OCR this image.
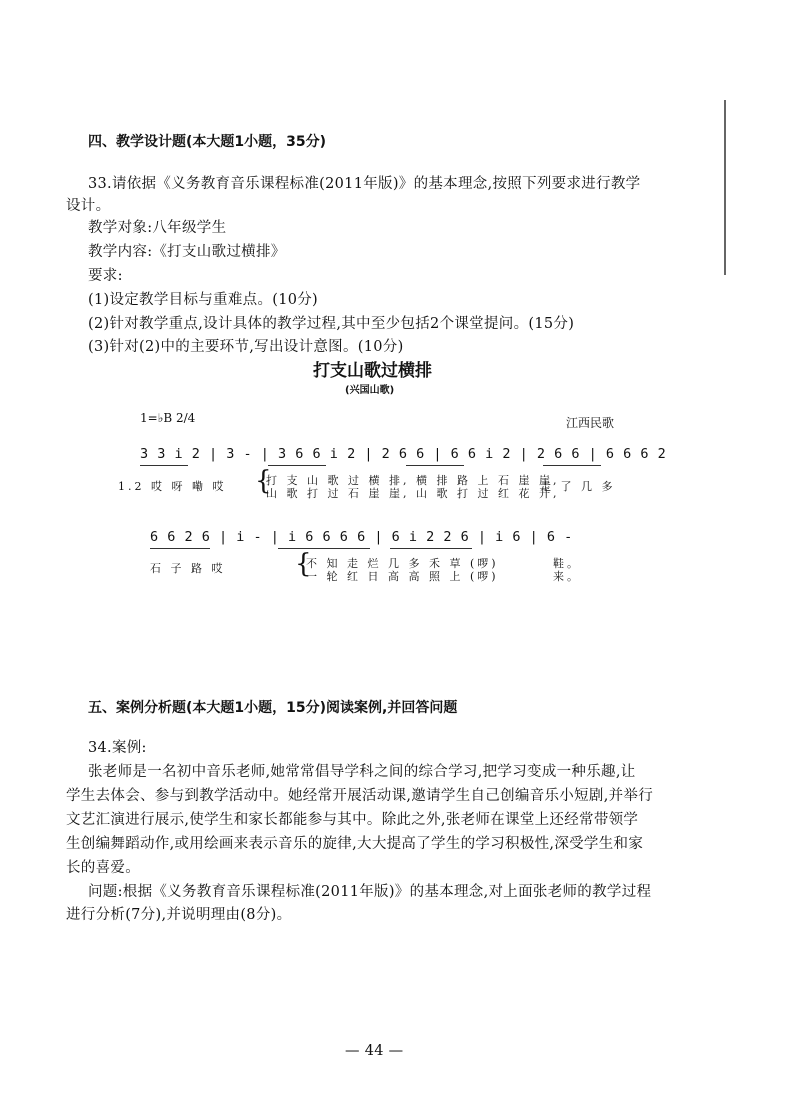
四、教学设计题(本大题1小题，35分)
33.请依据《义务教育音乐课程标准(2011年版)》的基本理念,按照下列要求进行教学
设计。
教学对象:八年级学生
教学内容:《打支山歌过横排》
要求:
(1)设定教学目标与重难点。(10分)
(2)针对教学重点,设计具体的教学过程,其中至少包括2个课堂提问。(15分)
(3)针对(2)中的主要环节,写出设计意图。(10分)
打支山歌过横排
(兴国山歌)
1=♭B 2/4	江西民歌
3 3 i 2 | 3 - | 3 6 6 i 2 | 2 6 6 | 6 6 i 2 | 2 6 6 | 6 6 6 2
1.2 哎 呀 嘞 哎 {
打 支 山 歌 过 横 排, 横 排 路 上 石 崖 崖,
山 歌 打 过 石 崖 崖, 山 歌 打 过 红 花 开,
走 了 几 多
6 6 2 6 | i - | i 6 6 6 6 | 6 i 2 2 6 | i 6 | 6 -
石 子 路 哎	{
不 知 走 烂 几 多 禾 草 (啰)
一 轮 红 日 高 高 照 上 (啰)
鞋。
来。
五、案例分析题(本大题1小题，15分)阅读案例,并回答问题
34.案例:
张老师是一名初中音乐老师,她常常倡导学科之间的综合学习,把学习变成一种乐趣,让
学生去体会、参与到教学活动中。她经常开展活动课,邀请学生自己创编音乐小短剧,并举行
文艺汇演进行展示,使学生和家长都能参与其中。除此之外,张老师在课堂上还经常带领学
生创编舞蹈动作,或用绘画来表示音乐的旋律,大大提高了学生的学习积极性,深受学生和家
长的喜爱。
问题:根据《义务教育音乐课程标准(2011年版)》的基本理念,对上面张老师的教学过程
进行分析(7分),并说明理由(8分)。
— 44 —
